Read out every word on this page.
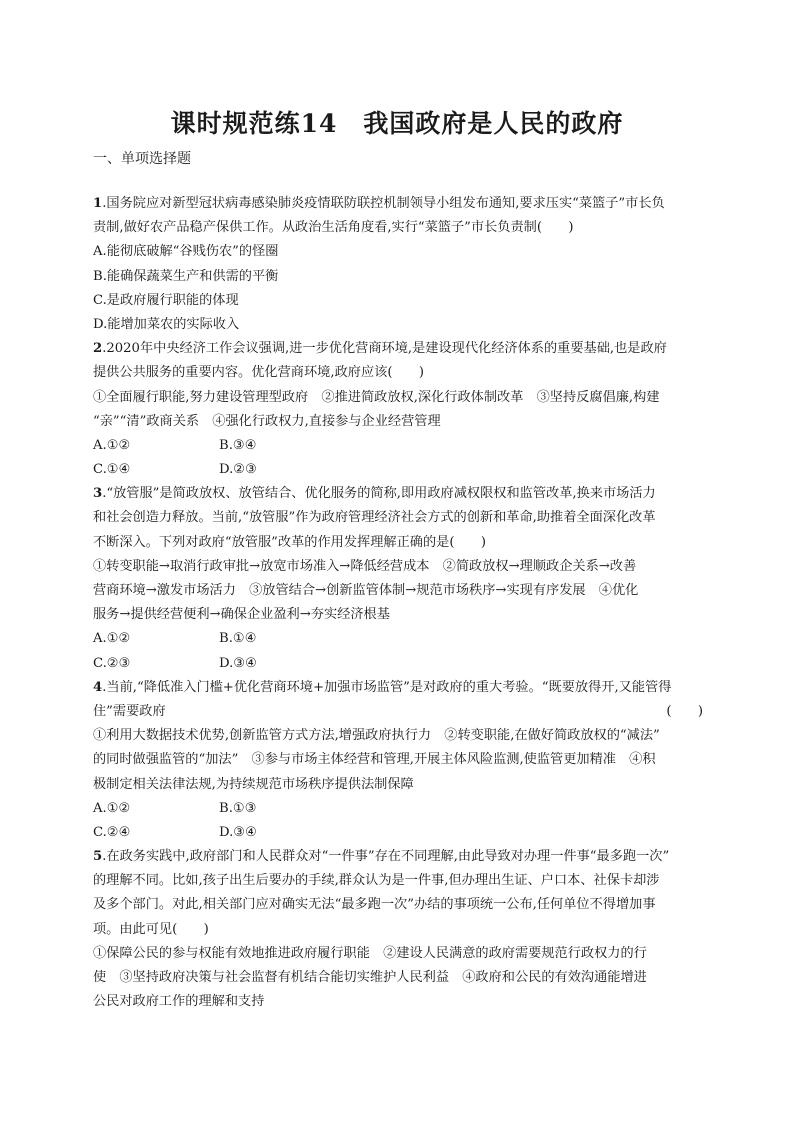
课时规范练14　我国政府是人民的政府
一、单项选择题
1.国务院应对新型冠状病毒感染肺炎疫情联防联控机制领导小组发布通知,要求压实“菜篮子”市长负
责制,做好农产品稳产保供工作。从政治生活角度看,实行“菜篮子”市长负责制(　　)
A.能彻底破解“谷贱伤农”的怪圈
B.能确保蔬菜生产和供需的平衡
C.是政府履行职能的体现
D.能增加菜农的实际收入
2.2020年中央经济工作会议强调,进一步优化营商环境,是建设现代化经济体系的重要基础,也是政府
提供公共服务的重要内容。优化营商环境,政府应该(　　)
①全面履行职能,努力建设管理型政府　②推进简政放权,深化行政体制改革　③坚持反腐倡廉,构建
“亲”“清”政商关系　④强化行政权力,直接参与企业经营管理
A.①②	B.③④
C.①④	D.②③
3.“放管服”是简政放权、放管结合、优化服务的简称,即用政府减权限权和监管改革,换来市场活力
和社会创造力释放。当前,“放管服”作为政府管理经济社会方式的创新和革命,助推着全面深化改革
不断深入。下列对政府“放管服”改革的作用发挥理解正确的是(　　)
①转变职能→取消行政审批→放宽市场准入→降低经营成本　②简政放权→理顺政企关系→改善
营商环境→激发市场活力　③放管结合→创新监管体制→规范市场秩序→实现有序发展　④优化
服务→提供经营便利→确保企业盈利→夯实经济根基
A.①②	B.①④
C.②③	D.③④
4.当前,“降低准入门槛+优化营商环境+加强市场监管”是对政府的重大考验。“既要放得开,又能管得
住”需要政府	(　　)
①利用大数据技术优势,创新监管方式方法,增强政府执行力　②转变职能,在做好简政放权的“减法”
的同时做强监管的“加法”　③参与市场主体经营和管理,开展主体风险监测,使监管更加精准　④积
极制定相关法律法规,为持续规范市场秩序提供法制保障
A.①②	B.①③
C.②④	D.③④
5.在政务实践中,政府部门和人民群众对“一件事”存在不同理解,由此导致对办理一件事“最多跑一次”
的理解不同。比如,孩子出生后要办的手续,群众认为是一件事,但办理出生证、户口本、社保卡却涉
及多个部门。对此,相关部门应对确实无法“最多跑一次”办结的事项统一公布,任何单位不得增加事
项。由此可见(　　)
①保障公民的参与权能有效地推进政府履行职能　②建设人民满意的政府需要规范行政权力的行
使　③坚持政府决策与社会监督有机结合能切实维护人民利益　④政府和公民的有效沟通能增进
公民对政府工作的理解和支持
